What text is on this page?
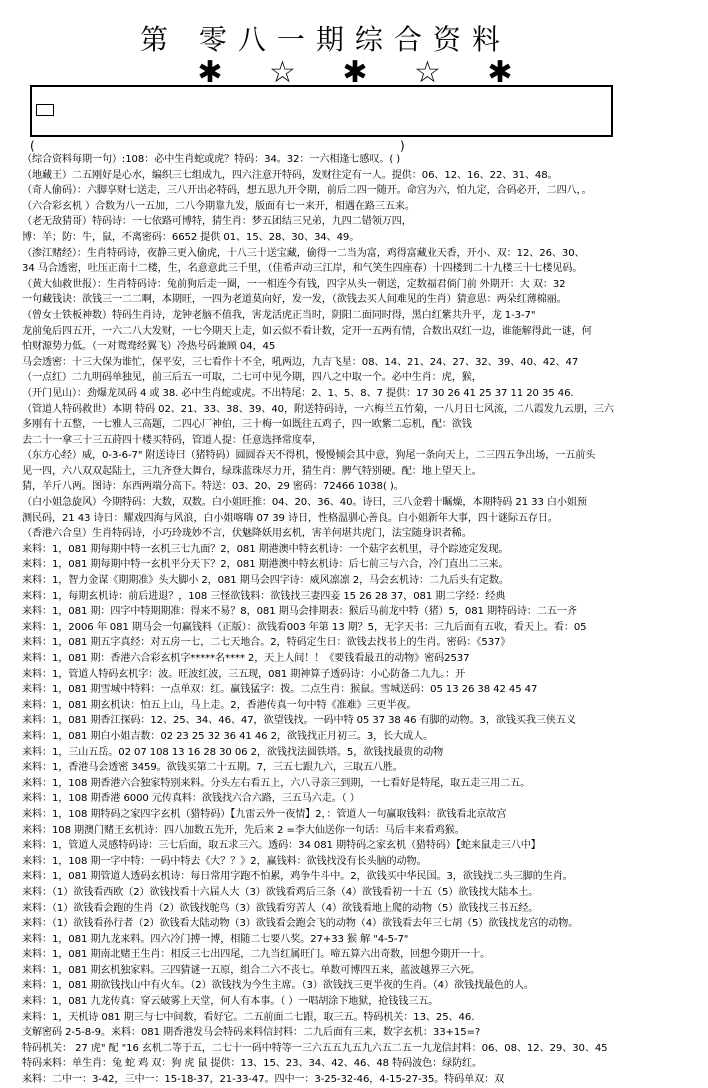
第 零八一期综合资料
✱ ☆ ✱ ☆ ✱
(	)
（综合资料每期一句）:108：必中生肖蛇或虎？特码：34。32：一六相逢七感叹。( )
（地藏王）二五刚好是心水，编织三七组成九，四六注意开特码，发财往定有一人。提供：06、12、16、22、31、48。
（奇人偷码）：六脚享财七送走，三八开出必特码，想五思九开令期，前后二四一随开。命宫为六，怕九定，合码必开，二四八，。
（六合彩玄机 ）合数为八一五加，二八今期靠九发，版面有七一来开，相遇在路三五来。
（老无敌猜哥）特码诗：一七依路可博特，猜生肖：梦五团结三兄弟，九四二错领万四，
博：羊；防：牛，鼠，不离密码：6652 提供 01、15、28、30、34、49。
（渗江赌经）：生肖特码诗，夜静三更入偷虎，十八三十送宝藏，偷得一二当为富，鸡得富藏业天香，开小、双：12、26、30、
34 马合透密，吐压正南十二楼，生，名意意此三千里，（佳希声动三江岸，和气笑生四座春）十四楼到二十九楼三十七楼见码。
（黄大仙救世报）：生肖特码诗：兔前狗后走一圈，一一相连今有钱，四字从头一朝送，定数福君倘门前 外期开：大 双：32
一句藏钱诀：欲钱三一二二啊，本期旺，一四为老道莫向好，发一发，（欲钱去买人间难见的生肖）猜意思：两朵红薄棉丽。
（曾女士铁板神数）特码生肖诗，龙钟老脑不值我，害龙活虎正当时，阴阳二面同时得，黑白红紫共升平，龙 1-3-7"
龙前兔后四五开，一六二八大发财，一七今期天上走，如云似不看计数，定开一五两有情，合数出双红一边，谁能解得此一谜，何
怕财源势力低。（一对鸳鸯经翼飞）冷热号码兼顾 04，45
马会透密：十三大保为谁忙，保平安，三七看作十不全，吼两边，九吉飞星：08、14、21、24、27、32、39、40、42、47
（一点红）二九明码单独见，前三后五一可取，二七可中见今期，四八之中取一个。必中生肖：虎，猴，
（开门见山）：劲爆龙凤码 4 或 38. 必中生肖蛇或虎。不出特尾：2、1、5、8、7 提供：17 30 26 41 25 37 11 20 35 46.
（管道人特码救世）本期 特码 02、21、33、38、39、40，附送特码诗，一六梅兰五竹菊，一八月日七风流，二八霞发九云朋，三六
多刚有十五整，一七雅人三高题，二四心厂神伯，三十梅一如既往五鸡子，四一欧紫二忘机，配：欲钱
去二十一拿三十三五莳四十楼买特码，管道人提：任意选择常度奉，
（东方心经）威，0-3-6-7" 附送诗曰（猪特码）圆圆吞天不得机，慢慢倾会其中意，狗尾一条向天上，二三四五争出场，一五前头
见一四，六八双双起陆土，三九齐登大舞台，绿珠蓝珠尽力开，猜生肖：脾气特别硬。配：地上望天上。
猜，羊斤八两。图诗：东西两端分高下。特送：03、20、29 密码：72466 1038( )。
（白小姐急旋风）今期特码：大数，双数。白小姐旺推：04、20、36、40。诗曰，三八金碧十瞩燥，本期特码 21 33 白小姐预
测民码，21 43 诗日：耀戏四海与风浪，白小姐喀嗨 07 39 诗日，性格温驯心善良。白小姐新年大事，四十谜际五存日。
（香港六合皇）生肖特码诗，小巧玲珑妙不言，伏魅降妖用玄机，害羊何堪共虎门，法宝随身识者稀。
来料：1，081 期每期中特一玄机三七九面？2，081 期港澳中特玄机诗：一个菇字玄机里，寻个踪迹定发现。
来料：1，081 期每期中特一玄机平分天下？2，081 期港澳中特玄机诗：后七前三与六合，冷门直出二三来。
来料：1，智力金谋《期期准》头大脚小 2，081 期马会四字诗：威风凛凛 2，马会玄机诗：二九后头有定数。
来料：1，每期玄机诗：前后进退？，108 三怪欲钱料：欲钱找三妻四妾 15 26 28 37，081 期二字经：经典
来料：1，081 期：四字中特期期准：得来不易？8，081 期马会排期表：猴后马前龙中特（猪）5，081 期特码诗：二五一齐
来料：1，2006 年 081 期马会一句赢钱料（正版）：欲钱看003 年第 13 期？5，无字天书：三九后面有五收，看天上。看：05
来料：1，081 期五字真经：对五房一七，二七天地合。2，特码定生日：欲钱去找书上的生肖。密码：《537》
来料：1，081 期：香港六合彩玄机字*****名**** 2，天上人间！！《要钱看最丑的动物》密码2537
来料：1，管道人特码玄机字：波。旺波红波，三五现，081 期神算子透码诗：小心防备二九九。：开
来料：1，081 期雪城中特料：一点单双：红。赢钱猛字：拨。二点生肖：猴鼠。雪城送码：05 13 26 38 42 45 47
来料：1，081 期玄机诀：怕五上山，马上走。2，香港传真一句中特《准难》三更半夜。
来料：1，081 期香江探码：12、25、34、46、47，欲望钱找。一码中特 05 37 38 46 有脚的动物。3，欲钱买我三侠五义
来料：1，081 期白小姐吉数：02 23 25 32 36 41 46 2，欲钱找正月初三。3，长大成人。
来料：1，三山五岳。02 07 108 13 16 28 30 06 2，欲钱找法圆铁塔。5，欲钱找最贵的动物
来料：1，香港马会透密 3459。欲钱买第二十五期。7，三五七跟九六，三取五八胜。
来料：1，108 期香港六合独家特别来料。分头左右看五上，六八寻亲三到期，一七看好是特尾，取五走三用二五。
来料：1，108 期香港 6000 元传真料：欲钱找六合六路，三五马六走。（ ）
来料：1，108 期特码之家四字玄机（猎特码）【九雷云外一夜情】2，：管道人一句赢取钱料：欲钱看北京故宫
来料：108 期澳门赌王玄机诗：四八加数五先开，先后来 2 =李大仙送你一句话：马后丰来看鸡猴。
来料：1，管道人灵感特码诗：三七后面，取五求三六。透码：34 081 期特码之家玄机（猎特码）【蛇来鼠走三八中】
来料：1，108 期一字中特：一码中特去《大？？》2，赢钱料：欲钱找没有长头脑的动物。
来料：1，081 期管道人透码玄机诗：每日常用字跑不怕累，鸡争牛斗中。2，欲钱买中华民国。3，欲钱找二头三脚的生肖。
来料：（1）欲钱看西欧（2）欲钱找看十六届人大（3）欲钱看鸡后三条（4）欲钱看初一十五（5）欲钱找大陆本土。
来料：（1）欲钱看会跑的生肖（2）欲钱找鸵鸟（3）欲钱看穷苦人（4）欲钱看地上爬的动物（5）欲钱找三书五经。
来料：（1）欲钱看孙行者（2）欲钱看大陆动物（3）欲钱看会跑会飞的动物（4）欲钱看去年三七胡（5）欲钱找龙宫的动物。
来料：1，081 期九龙来料。四六冷门搏一博，相随二七要八奖。27+33 猴 解 "4-5-7"
来料：1，081 期南北赌王生肖：相反三七出四尾，二九当红属旺门。啼五算六出奇数，回想今期开一十。
来料：1，081 期玄机独家料。三四猜谜一五原，组合二六不丧七。单数可博四五来，蓝波越界三六死。
来料：1，081 期欲钱找山中有火车。（2）欲钱找为今生主席。（3）欲钱找三更半夜的生肖。（4）欲钱找最色的人。
来料：1，081 九龙传真：穿云破雾上天堂，何人有本事。（ ）一唱胡涂下地狱，抢钱钱三五。
来料：1，天机诗 081 期三与七中间数，看好它。二五前面二七跟，取三五。特码机关：13、25、46.
支解密码 2-5-8-9。来料：081 期香港发马会特码来料信封料：二九后面有三来，数字玄机：33+15=?
特码机关： 27 虎" 配 "16 玄机二等于五，二七十一码中特等一三六五五九五九六五二五一九龙信封料：06、08、12、29、30、45
特码来料：单生肖：兔 蛇 鸡 双：狗 虎 鼠 提供：13、15、23、34、42、46、48 特码波色：绿防红。
来料：二中一：3-42，三中一：15-18-37，21-33-47。四中一：3-25-32-46，4-15-27-35。特码单双：双
